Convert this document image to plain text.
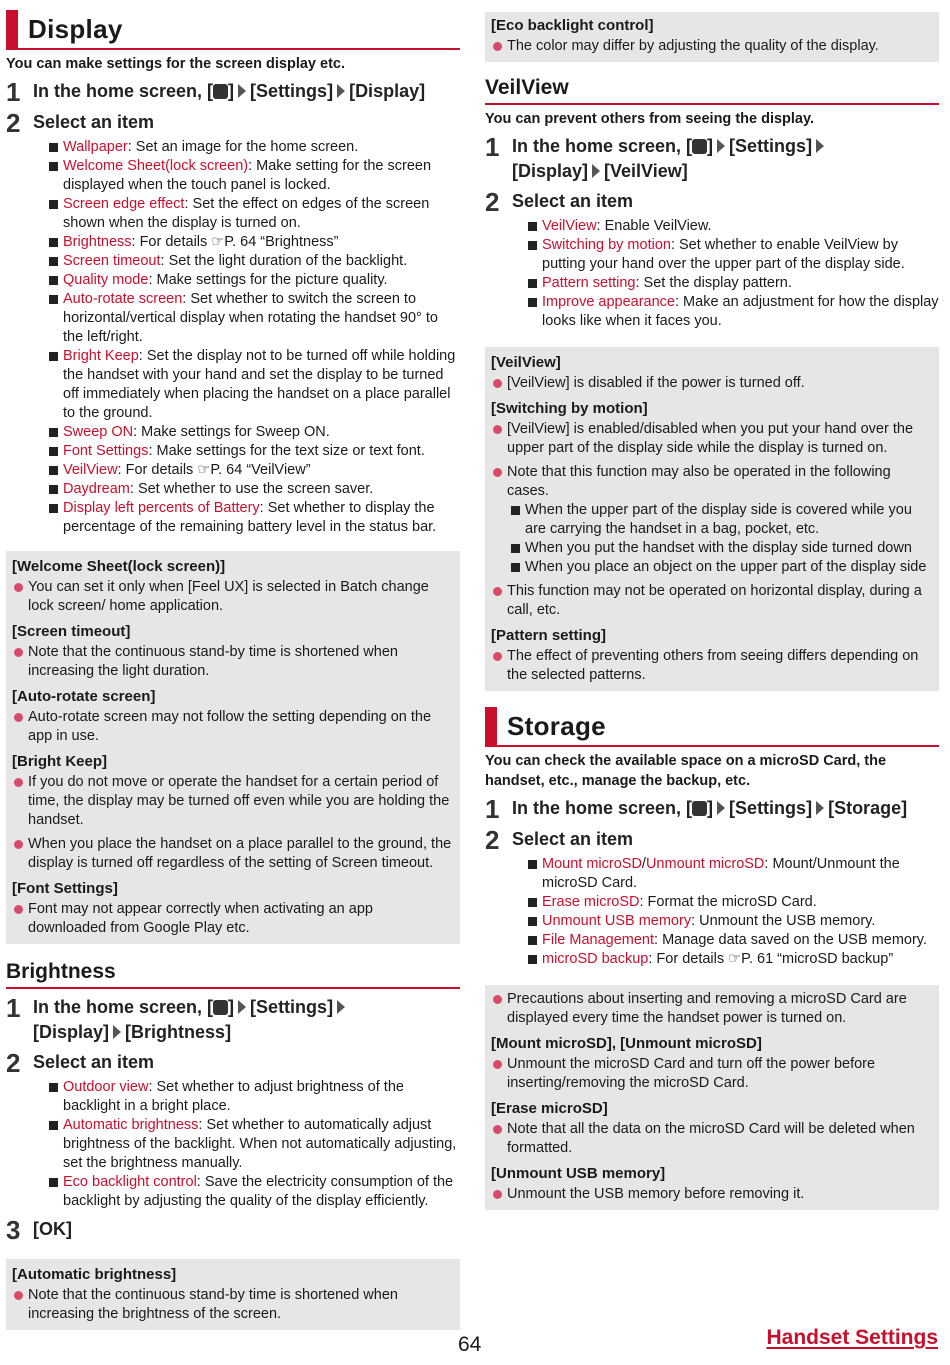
Display
You can make settings for the screen display etc.
1 In the home screen, [ ] [Settings] [Display]
2 Select an item
Wallpaper: Set an image for the home screen.
Welcome Sheet(lock screen): Make setting for the screen displayed when the touch panel is locked.
Screen edge effect: Set the effect on edges of the screen shown when the display is turned on.
Brightness: For details ☞P. 64 “Brightness”
Screen timeout: Set the light duration of the backlight.
Quality mode: Make settings for the picture quality.
Auto-rotate screen: Set whether to switch the screen to horizontal/vertical display when rotating the handset 90° to the left/right.
Bright Keep: Set the display not to be turned off while holding the handset with your hand and set the display to be turned off immediately when placing the handset on a place parallel to the ground.
Sweep ON: Make settings for Sweep ON.
Font Settings: Make settings for the text size or text font.
VeilView: For details ☞P. 64 “VeilView”
Daydream: Set whether to use the screen saver.
Display left percents of Battery: Set whether to display the percentage of the remaining battery level in the status bar.
[Welcome Sheet(lock screen)]
You can set it only when [Feel UX] is selected in Batch change lock screen/ home application.
[Screen timeout]
Note that the continuous stand-by time is shortened when increasing the light duration.
[Auto-rotate screen]
Auto-rotate screen may not follow the setting depending on the app in use.
[Bright Keep]
If you do not move or operate the handset for a certain period of time, the display may be turned off even while you are holding the handset.
When you place the handset on a place parallel to the ground, the display is turned off regardless of the setting of Screen timeout.
[Font Settings]
Font may not appear correctly when activating an app downloaded from Google Play etc.
Brightness
1 In the home screen, [ ] [Settings]
[Display] [Brightness]
2 Select an item
Outdoor view: Set whether to adjust brightness of the backlight in a bright place.
Automatic brightness: Set whether to automatically adjust brightness of the backlight. When not automatically adjusting, set the brightness manually.
Eco backlight control: Save the electricity consumption of the backlight by adjusting the quality of the display efficiently.
3 [OK]
[Automatic brightness]
Note that the continuous stand-by time is shortened when increasing the brightness of the screen.
[Eco backlight control]
The color may differ by adjusting the quality of the display.
VeilView
You can prevent others from seeing the display.
1 In the home screen, [ ] [Settings]
[Display] [VeilView]
2 Select an item
VeilView: Enable VeilView.
Switching by motion: Set whether to enable VeilView by putting your hand over the upper part of the display side.
Pattern setting: Set the display pattern.
Improve appearance: Make an adjustment for how the display looks like when it faces you.
[VeilView]
[VeilView] is disabled if the power is turned off.
[Switching by motion]
[VeilView] is enabled/disabled when you put your hand over the upper part of the display side while the display is turned on.
Note that this function may also be operated in the following cases.
When the upper part of the display side is covered while you are carrying the handset in a bag, pocket, etc.
When you put the handset with the display side turned down
When you place an object on the upper part of the display side
This function may not be operated on horizontal display, during a call, etc.
[Pattern setting]
The effect of preventing others from seeing differs depending on the selected patterns.
Storage
You can check the available space on a microSD Card, the handset, etc., manage the backup, etc.
1 In the home screen, [ ] [Settings] [Storage]
2 Select an item
Mount microSD/Unmount microSD: Mount/Unmount the microSD Card.
Erase microSD: Format the microSD Card.
Unmount USB memory: Unmount the USB memory.
File Management: Manage data saved on the USB memory.
microSD backup: For details ☞P. 61 “microSD backup”
Precautions about inserting and removing a microSD Card are displayed every time the handset power is turned on.
[Mount microSD], [Unmount microSD]
Unmount the microSD Card and turn off the power before inserting/removing the microSD Card.
[Erase microSD]
Note that all the data on the microSD Card will be deleted when formatted.
[Unmount USB memory]
Unmount the USB memory before removing it.
64	Handset Settings
